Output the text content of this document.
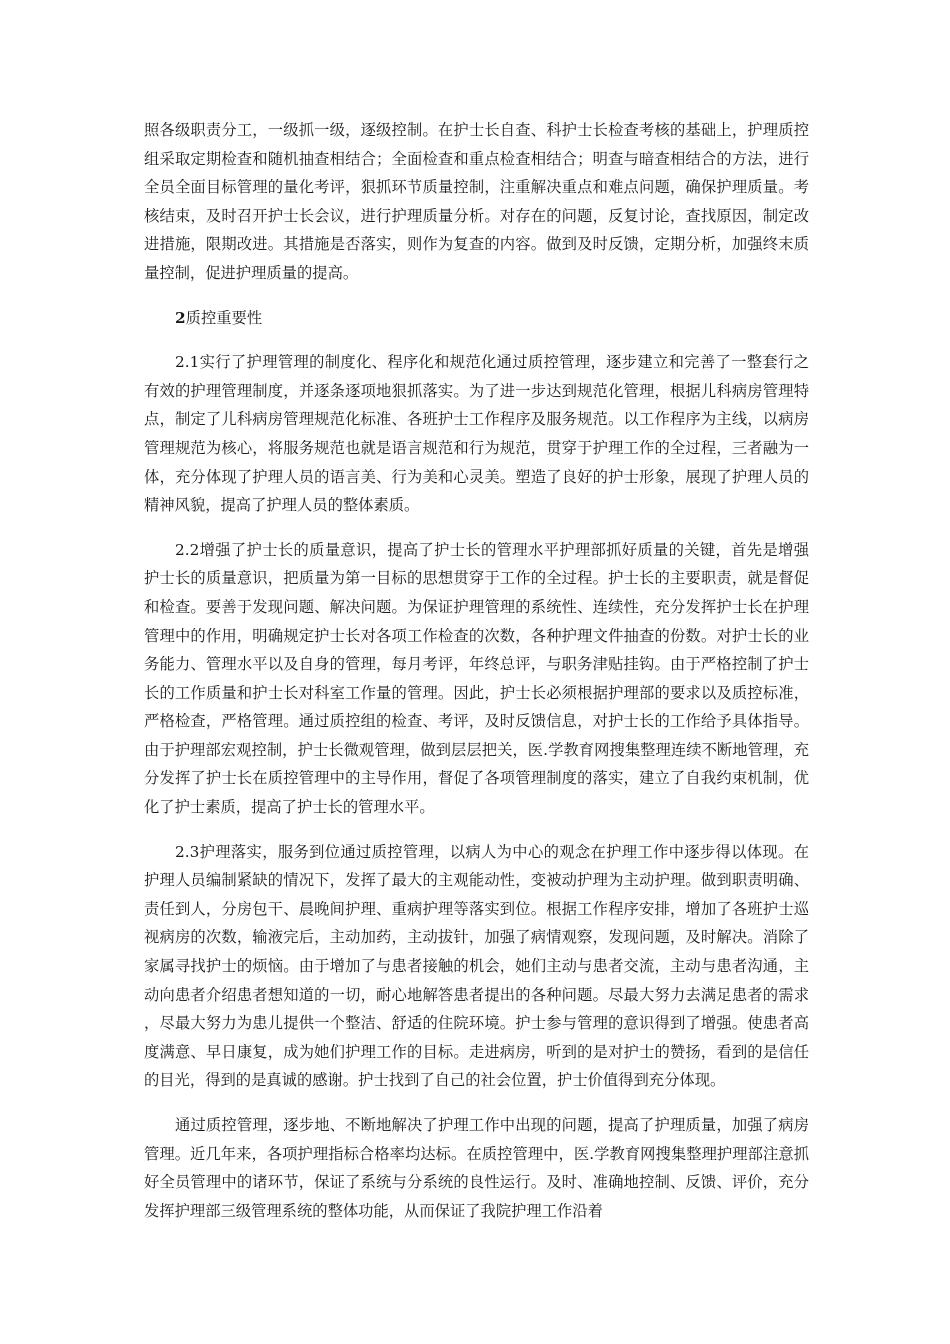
照各级职责分工，一级抓一级，逐级控制。在护士长自查、科护士长检查考核的基础上，护理质控组采取定期检查和随机抽查相结合；全面检查和重点检查相结合；明查与暗查相结合的方法，进行全员全面目标管理的量化考评，狠抓环节质量控制，注重解决重点和难点问题，确保护理质量。考核结束，及时召开护士长会议，进行护理质量分析。对存在的问题，反复讨论，查找原因，制定改进措施，限期改进。其措施是否落实，则作为复查的内容。做到及时反馈，定期分析，加强终末质量控制，促进护理质量的提高。

2质控重要性

2.1实行了护理管理的制度化、程序化和规范化通过质控管理，逐步建立和完善了一整套行之有效的护理管理制度，并逐条逐项地狠抓落实。为了进一步达到规范化管理，根据儿科病房管理特点，制定了儿科病房管理规范化标准、各班护士工作程序及服务规范。以工作程序为主线，以病房管理规范为核心，将服务规范也就是语言规范和行为规范，贯穿于护理工作的全过程，三者融为一体，充分体现了护理人员的语言美、行为美和心灵美。塑造了良好的护士形象，展现了护理人员的精神风貌，提高了护理人员的整体素质。

2.2增强了护士长的质量意识，提高了护士长的管理水平护理部抓好质量的关键，首先是增强护士长的质量意识，把质量为第一目标的思想贯穿于工作的全过程。护士长的主要职责，就是督促和检查。要善于发现问题、解决问题。为保证护理管理的系统性、连续性，充分发挥护士长在护理管理中的作用，明确规定护士长对各项工作检查的次数，各种护理文件抽查的份数。对护士长的业务能力、管理水平以及自身的管理，每月考评，年终总评，与职务津贴挂钩。由于严格控制了护士长的工作质量和护士长对科室工作量的管理。因此，护士长必须根据护理部的要求以及质控标准，严格检查，严格管理。通过质控组的检查、考评，及时反馈信息，对护士长的工作给予具体指导。由于护理部宏观控制，护士长微观管理，做到层层把关，医.学教育网搜集整理连续不断地管理，充分发挥了护士长在质控管理中的主导作用，督促了各项管理制度的落实，建立了自我约束机制，优化了护士素质，提高了护士长的管理水平。

2.3护理落实，服务到位通过质控管理，以病人为中心的观念在护理工作中逐步得以体现。在护理人员编制紧缺的情况下，发挥了最大的主观能动性，变被动护理为主动护理。做到职责明确、责任到人，分房包干、晨晚间护理、重病护理等落实到位。根据工作程序安排，增加了各班护士巡视病房的次数，输液完后，主动加药，主动拔针，加强了病情观察，发现问题，及时解决。消除了家属寻找护士的烦恼。由于增加了与患者接触的机会，她们主动与患者交流，主动与患者沟通，主动向患者介绍患者想知道的一切，耐心地解答患者提出的各种问题。尽最大努力去满足患者的需求，尽最大努力为患儿提供一个整洁、舒适的住院环境。护士参与管理的意识得到了增强。使患者高度满意、早日康复，成为她们护理工作的目标。走进病房，听到的是对护士的赞扬，看到的是信任的目光，得到的是真诚的感谢。护士找到了自己的社会位置，护士价值得到充分体现。

通过质控管理，逐步地、不断地解决了护理工作中出现的问题，提高了护理质量，加强了病房管理。近几年来，各项护理指标合格率均达标。在质控管理中，医.学教育网搜集整理护理部注意抓好全员管理中的诸环节，保证了系统与分系统的良性运行。及时、准确地控制、反馈、评价，充分发挥护理部三级管理系统的整体功能，从而保证了我院护理工作沿着
